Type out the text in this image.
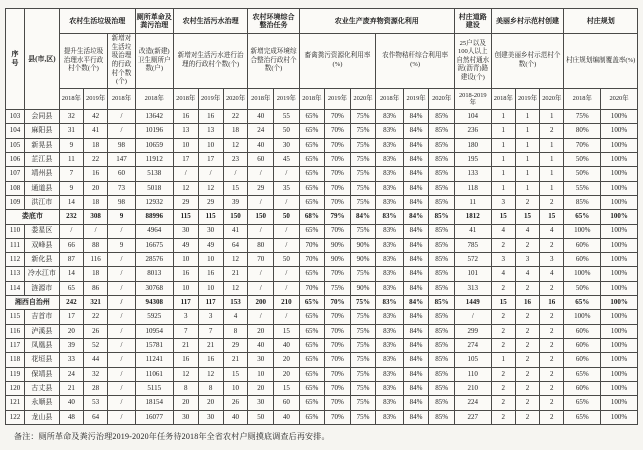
序号	县(市,区)	农村生活垃圾治理			厕所革命及粪污治理	农村生活污水治理			农村环境综合整治任务		农业生产废弃物资源化利用						村庄道路建设	美丽乡村示范村创建			村庄规划	
		提升生活垃圾治理水平行政村个数(个)		新增对生活垃圾治理的行政村个数(个)	改造(新建)卫生厕所户数(户)	新增对生活污水进行治理的行政村个数(个)			新增完成环境综合整治行政村个数(个)		畜禽粪污资源化利用率(%)			农作物秸秆综合利用率(%)			25户以及100人以上自然村通水泥(沥青)路建设(个)	创建美丽乡村示范村个数(个)			村庄规划编制覆盖率(%)	
		2018年	2019年	2018年	2018年	2018年	2019年	2020年	2018年	2019年	2018年	2019年	2020年	2018年	2019年	2020年	2018-2019年	2018年	2019年	2020年	2018年	2020年
103	会同县	32	42	/	13642	16	16	22	40	55	65%	70%	75%	83%	84%	85%	104	1	1	1	75%	100%
104	麻阳县	31	41	/	10196	13	13	18	24	50	65%	70%	75%	83%	84%	85%	236	1	1	2	80%	100%
105	新晃县	9	18	98	10659	10	10	12	40	30	65%	70%	75%	83%	84%	85%	180	1	1	1	70%	100%
106	芷江县	11	22	147	11912	17	17	23	60	45	65%	70%	75%	83%	84%	85%	195	1	1	1	50%	100%
107	靖州县	7	16	60	5138	/	/	/	/	/	65%	70%	75%	83%	84%	85%	133	1	1	1	50%	100%
108	通道县	9	20	73	5018	12	12	15	29	35	65%	70%	75%	83%	84%	85%	118	1	1	1	55%	100%
109	洪江市	14	18	98	12932	29	29	39	/	/	65%	70%	75%	83%	84%	85%	11	3	2	2	85%	100%
娄底市		232	308	9	88996	115	115	150	150	50	68%	79%	84%	83%	84%	85%	1812	15	15	15	65%	100%
110	娄星区	/	/	/	4964	30	30	41	/	/	65%	70%	75%	83%	84%	85%	41	4	4	4	100%	100%
111	双峰县	66	88	9	16675	49	49	64	80	/	70%	90%	90%	83%	84%	85%	785	2	2	2	60%	100%
112	新化县	87	116	/	28576	10	10	12	70	50	70%	90%	90%	83%	84%	85%	572	3	3	3	60%	100%
113	冷水江市	14	18	/	8013	16	16	21	/	/	65%	70%	75%	83%	84%	85%	101	4	4	4	100%	100%
114	涟源市	65	86	/	30768	10	10	12	/	/	70%	75%	90%	83%	84%	85%	313	2	2	2	50%	100%
湘西自治州		242	321	/	94308	117	117	153	200	210	65%	70%	75%	83%	84%	85%	1449	15	16	16	65%	100%
115	吉首市	17	22	/	5925	3	3	4	/	/	65%	70%	75%	83%	84%	85%	/	2	2	2	100%	100%
116	泸溪县	20	26	/	10954	7	7	8	20	15	65%	70%	75%	83%	84%	85%	299	2	2	2	60%	100%
117	凤凰县	39	52	/	15781	21	21	29	40	40	65%	70%	75%	83%	84%	85%	274	2	2	2	60%	100%
118	花垣县	33	44	/	11241	16	16	21	30	20	65%	70%	75%	83%	84%	85%	105	1	2	2	60%	100%
119	保靖县	24	32	/	11061	12	12	15	10	20	65%	70%	75%	83%	84%	85%	110	2	2	2	65%	100%
120	古丈县	21	28	/	5115	8	8	10	20	15	65%	70%	75%	83%	84%	85%	210	2	2	2	60%	100%
121	永顺县	40	53	/	18154	20	20	26	30	60	65%	70%	75%	83%	84%	85%	224	2	2	2	65%	100%
122	龙山县	48	64	/	16077	30	30	40	50	40	65%	70%	75%	83%	84%	85%	227	2	2	2	65%	100%
备注：厕所革命及粪污治理2019-2020年任务待2018年全省农村户厕摸底调查后再安排。
